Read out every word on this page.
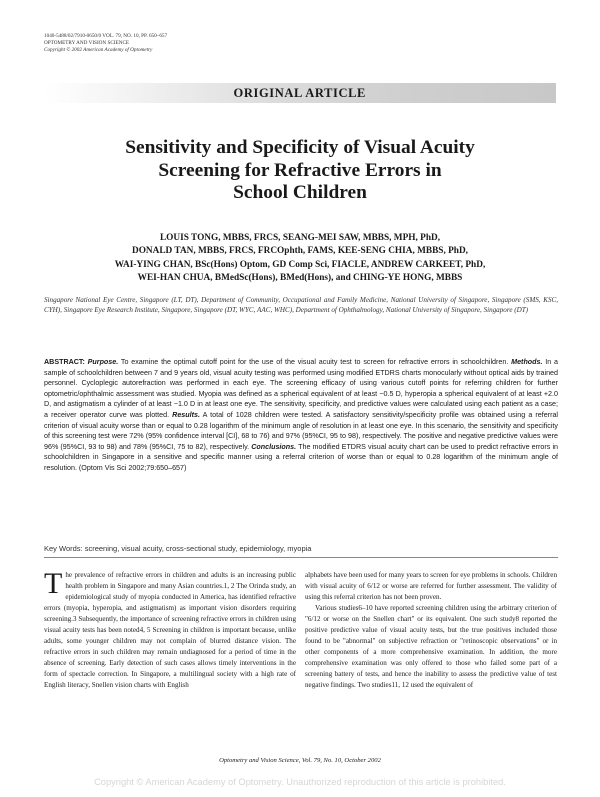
1040-5488/02/7910-0650/0 VOL. 79, NO. 10, PP. 650–657
OPTOMETRY AND VISION SCIENCE
Copyright © 2002 American Academy of Optometry
ORIGINAL ARTICLE
Sensitivity and Specificity of Visual Acuity
Screening for Refractive Errors in
School Children
LOUIS TONG, MBBS, FRCS, SEANG-MEI SAW, MBBS, MPH, PhD,
DONALD TAN, MBBS, FRCS, FRCOphth, FAMS, KEE-SENG CHIA, MBBS, PhD,
WAI-YING CHAN, BSc(Hons) Optom, GD Comp Sci, FIACLE, ANDREW CARKEET, PhD,
WEI-HAN CHUA, BMedSc(Hons), BMed(Hons), and CHING-YE HONG, MBBS
Singapore National Eye Centre, Singapore (LT, DT), Department of Community, Occupational and Family Medicine, National University of Singapore, Singapore (SMS, KSC, CYH), Singapore Eye Research Institute, Singapore, Singapore (DT, WYC, AAC, WHC), Department of Ophthalmology, National University of Singapore, Singapore (DT)
ABSTRACT: Purpose. To examine the optimal cutoff point for the use of the visual acuity test to screen for refractive errors in schoolchildren. Methods. In a sample of schoolchildren between 7 and 9 years old, visual acuity testing was performed using modified ETDRS charts monocularly without optical aids by trained personnel. Cycloplegic autorefraction was performed in each eye. The screening efficacy of using various cutoff points for referring children for further optometric/ophthalmic assessment was studied. Myopia was defined as a spherical equivalent of at least −0.5 D, hyperopia a spherical equivalent of at least +2.0 D, and astigmatism a cylinder of at least −1.0 D in at least one eye. The sensitivity, specificity, and predictive values were calculated using each patient as a case; a receiver operator curve was plotted. Results. A total of 1028 children were tested. A satisfactory sensitivity/specificity profile was obtained using a referral criterion of visual acuity worse than or equal to 0.28 logarithm of the minimum angle of resolution in at least one eye. In this scenario, the sensitivity and specificity of this screening test were 72% (95% confidence interval [CI], 68 to 76) and 97% (95%CI, 95 to 98), respectively. The positive and negative predictive values were 96% (95%CI, 93 to 98) and 78% (95%CI, 75 to 82), respectively. Conclusions. The modified ETDRS visual acuity chart can be used to predict refractive errors in schoolchildren in Singapore in a sensitive and specific manner using a referral criterion of worse than or equal to 0.28 logarithm of the minimum angle of resolution. (Optom Vis Sci 2002;79:650–657)
Key Words: screening, visual acuity, cross-sectional study, epidemiology, myopia
T he prevalence of refractive errors in children and adults is an increasing public health problem in Singapore and many Asian countries.1, 2 The Orinda study, an epidemiological study of myopia conducted in America, has identified refractive errors (myopia, hyperopia, and astigmatism) as important vision disorders requiring screening.3 Subsequently, the importance of screening refractive errors in children using visual acuity tests has been noted4, 5 Screening in children is important because, unlike adults, some younger children may not complain of blurred distance vision. The refractive errors in such children may remain undiagnosed for a period of time in the absence of screening. Early detection of such cases allows timely interventions in the form of spectacle correction. In Singapore, a multilingual society with a high rate of English literacy, Snellen vision charts with English

alphabets have been used for many years to screen for eye problems in schools. Children with visual acuity of 6/12 or worse are referred for further assessment. The validity of using this referral criterion has not been proven.

Various studies6–10 have reported screening children using the arbitrary criterion of "6/12 or worse on the Snellen chart" or its equivalent. One such study8 reported the positive predictive value of visual acuity tests, but the true positives included those found to be "abnormal" on subjective refraction or "retinoscopic observations" or in other components of a more comprehensive examination. In addition, the more comprehensive examination was only offered to those who failed some part of a screening battery of tests, and hence the inability to assess the predictive value of test negative findings. Two studies11, 12 used the equivalent of

Optometry and Vision Science, Vol. 79, No. 10, October 2002
Copyright © American Academy of Optometry. Unauthorized reproduction of this article is prohibited.
